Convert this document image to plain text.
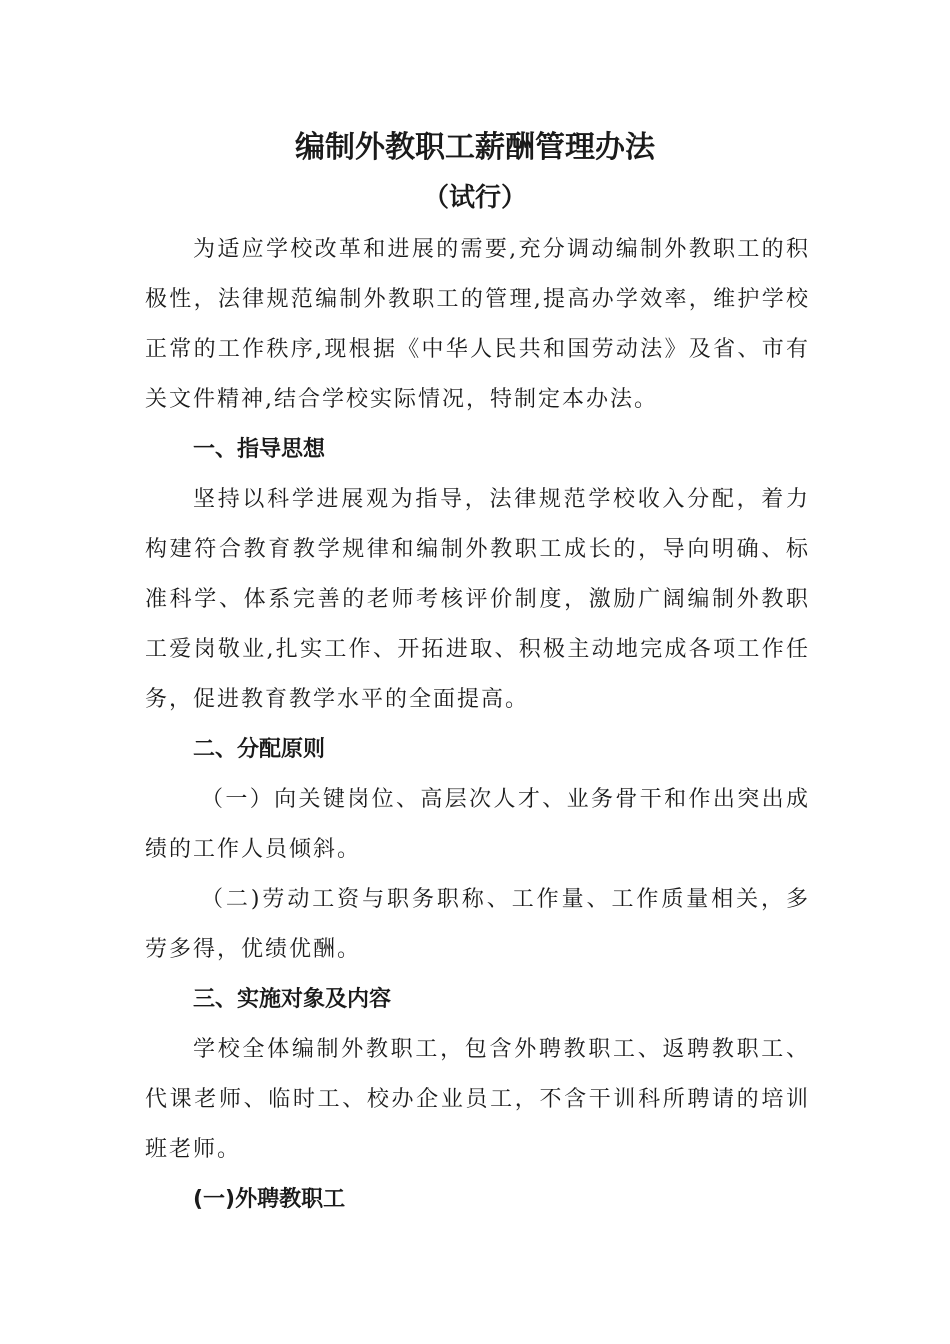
编制外教职工薪酬管理办法
（试行）

为适应学校改革和进展的需要,充分调动编制外教职工的积极性，法律规范编制外教职工的管理,提高办学效率，维护学校正常的工作秩序,现根据《中华人民共和国劳动法》及省、市有关文件精神,结合学校实际情况，特制定本办法。

一、指导思想

坚持以科学进展观为指导，法律规范学校收入分配，着力构建符合教育教学规律和编制外教职工成长的，导向明确、标准科学、体系完善的老师考核评价制度，激励广阔编制外教职工爱岗敬业,扎实工作、开拓进取、积极主动地完成各项工作任务，促进教育教学水平的全面提高。

二、分配原则

（一）向关键岗位、高层次人才、业务骨干和作出突出成绩的工作人员倾斜。

（二)劳动工资与职务职称、工作量、工作质量相关，多劳多得，优绩优酬。

三、实施对象及内容

学校全体编制外教职工，包含外聘教职工、返聘教职工、代课老师、临时工、校办企业员工，不含干训科所聘请的培训班老师。

(一)外聘教职工
